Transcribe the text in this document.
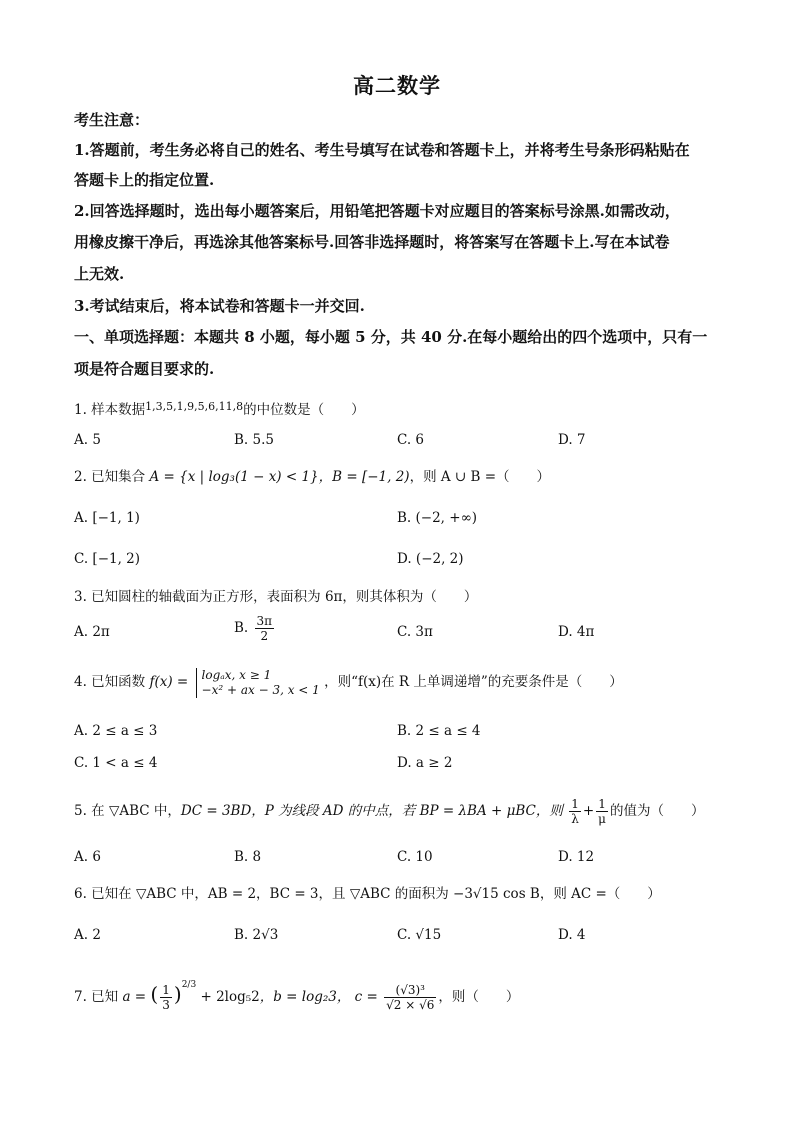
高二数学
考生注意：
1.答题前，考生务必将自己的姓名、考生号填写在试卷和答题卡上，并将考生号条形码粘贴在
答题卡上的指定位置.
2.回答选择题时，选出每小题答案后，用铅笔把答题卡对应题目的答案标号涂黑.如需改动，
用橡皮擦干净后，再选涂其他答案标号.回答非选择题时，将答案写在答题卡上.写在本试卷
上无效.
3.考试结束后，将本试卷和答题卡一并交回.
一、单项选择题：本题共 8 小题，每小题 5 分，共 40 分.在每小题给出的四个选项中，只有一
项是符合题目要求的.
1. 样本数据$^{1,3,5,1,9,5,6,11,8}$的中位数是（　　）
A. 5	B. 5.5	C. 6	D. 7
2. 已知集合 A = {x | log₃(1 − x) < 1}，B = [−1, 2)，则 A ∪ B =（　　）
A. [−1, 1)	B. (−2, +∞)
C. [−1, 2)	D. (−2, 2)
3. 已知圆柱的轴截面为正方形，表面积为 6π，则其体积为（　　）
A. 2π	B. $\frac{3\pi}{2}$	C. 3π	D. 4π
4. 已知函数 f(x) = logₐx, x ≥ 1
−x² + ax − 3, x < 1 ，则“f(x)在 R 上单调递增”的充要条件是（　　）
A. 2 ≤ a ≤ 3	B. 2 ≤ a ≤ 4
C. 1 < a ≤ 4	D. a ≥ 2
5. 在 ▽ABC 中，DC = 3BD，P 为线段 AD 的中点，若 BP = λBA + μBC，则 $\frac{1}{\lambda} + \frac{1}{\mu}$ 的值为（　　）
A. 6	B. 8	C. 10	D. 12
6. 已知在 ▽ABC 中，AB = 2，BC = 3，且 ▽ABC 的面积为 −3√15 cos B，则 AC =（　　）
A. 2	B. 2√3	C. √15	D. 4
7. 已知 a = ( $\frac{1}{3} )^{2/3} + 2\log_52$，b = log₂3， $c = \frac{\text{(√3)³}}{√2 \times √6}$ ，则（　　）
